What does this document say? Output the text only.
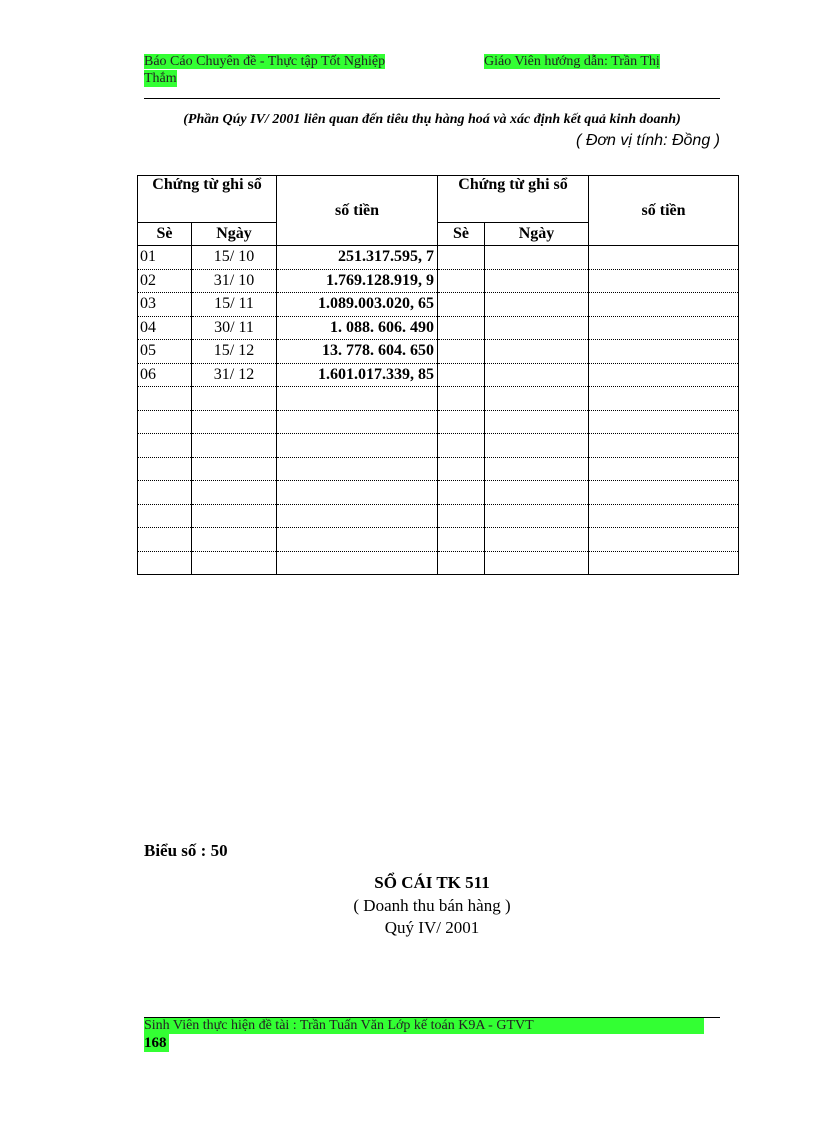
Báo Cáo Chuyên đề - Thực tập Tốt Nghiệp	Giáo Viên hướng dẫn: Trần Thị
Thắm
(Phần Qúy IV/ 2001 liên quan đến tiêu thụ hàng hoá và xác định kết quả kinh doanh)
( Đơn vị tính: Đồng )
Chứng từ ghi sổ		số tiền	Chứng từ ghi sổ		số tiền
Sè	Ngày		Sè	Ngày	
01	15/ 10	251.317.595, 7			
02	31/ 10	1.769.128.919, 9			
03	15/ 11	1.089.003.020, 65			
04	30/ 11	1. 088. 606. 490			
05	15/ 12	13. 778. 604. 650			
06	31/ 12	1.601.017.339, 85			

Biểu số : 50
SỔ CÁI TK 511
( Doanh thu bán hàng )
Quý IV/ 2001
Sinh Viên thực hiện đề tài : Trần Tuấn Văn Lớp kế toán K9A - GTVT
168
